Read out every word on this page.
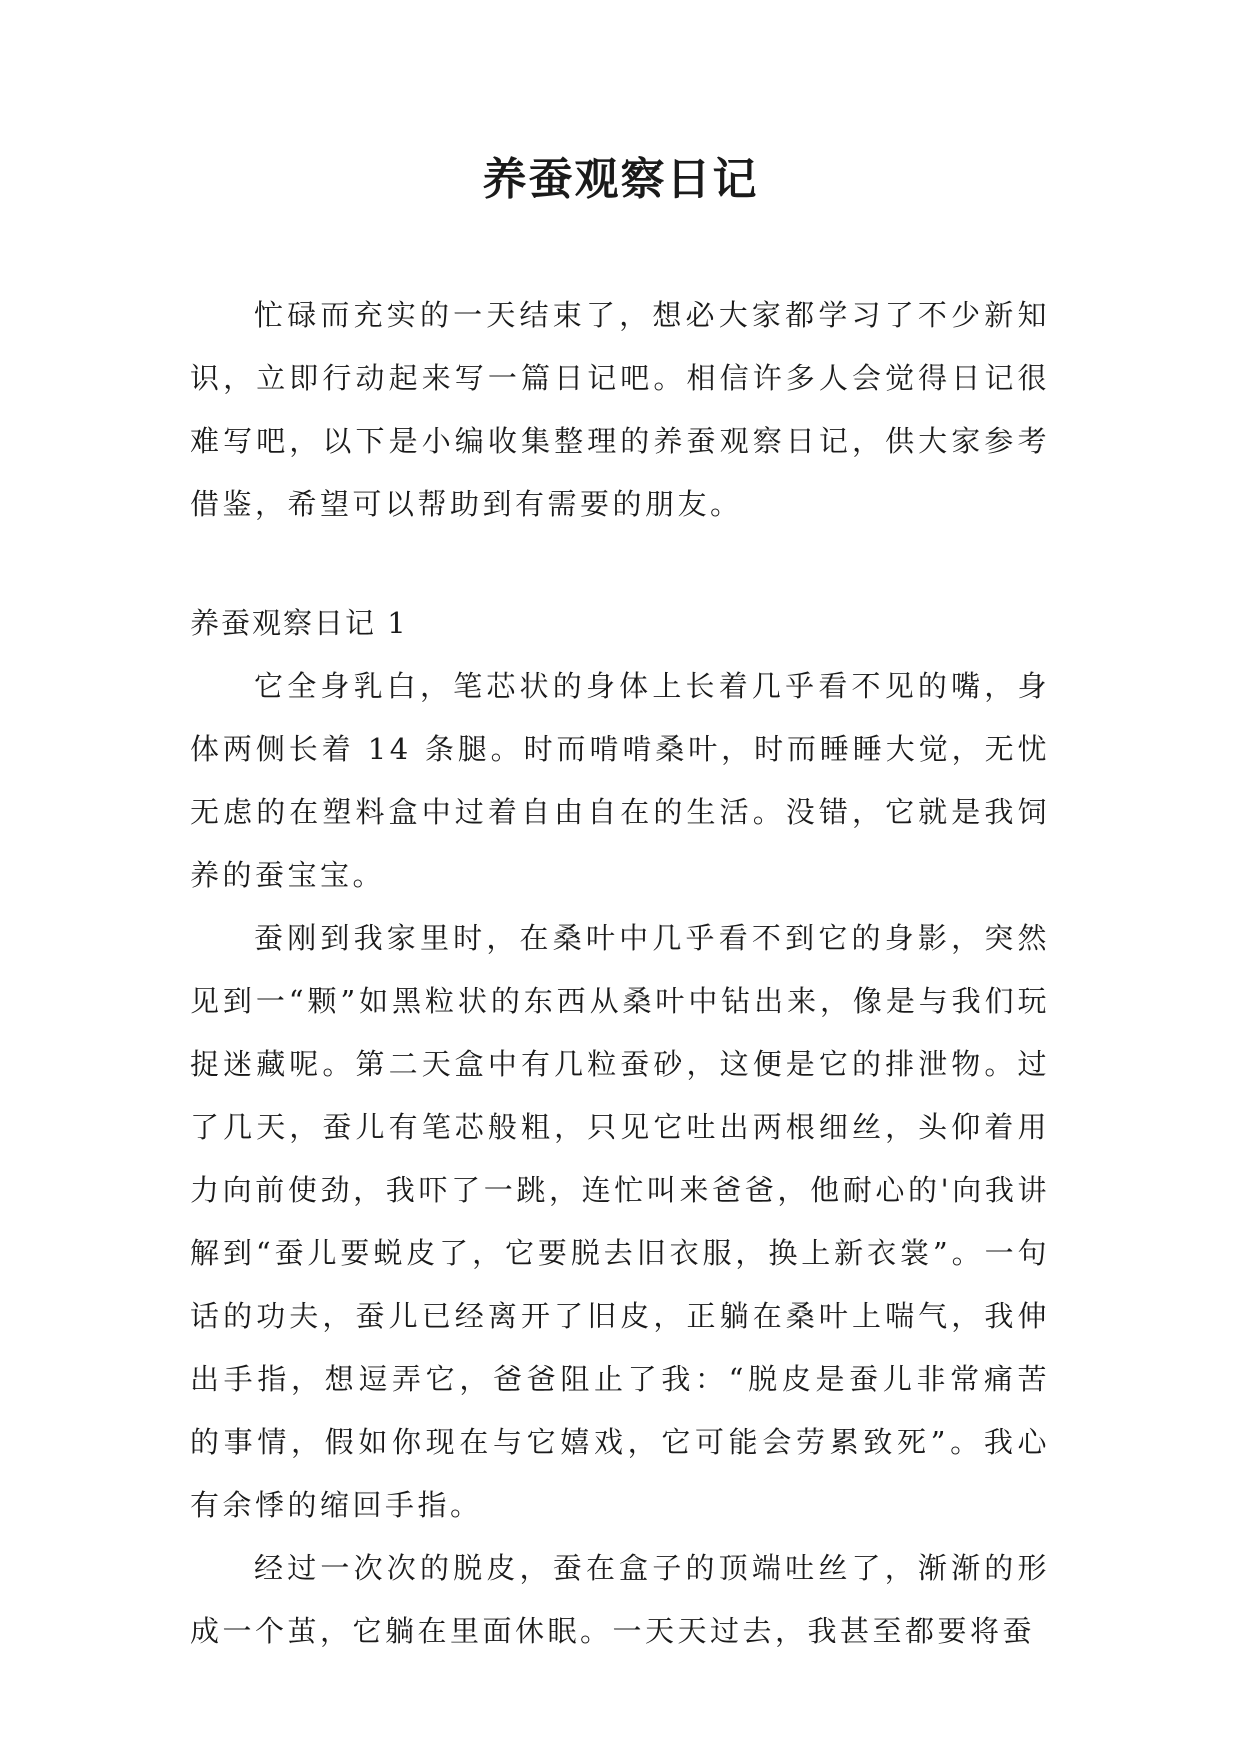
养蚕观察日记

忙碌而充实的一天结束了，想必大家都学习了不少新知识，立即行动起来写一篇日记吧。相信许多人会觉得日记很难写吧，以下是小编收集整理的养蚕观察日记，供大家参考借鉴，希望可以帮助到有需要的朋友。

养蚕观察日记 1

它全身乳白，笔芯状的身体上长着几乎看不见的嘴，身体两侧长着 14 条腿。时而啃啃桑叶，时而睡睡大觉，无忧无虑的在塑料盒中过着自由自在的生活。没错，它就是我饲养的蚕宝宝。

蚕刚到我家里时，在桑叶中几乎看不到它的身影，突然见到一“颗”如黑粒状的东西从桑叶中钻出来，像是与我们玩捉迷藏呢。第二天盒中有几粒蚕砂，这便是它的排泄物。过了几天，蚕儿有笔芯般粗，只见它吐出两根细丝，头仰着用力向前使劲，我吓了一跳，连忙叫来爸爸，他耐心的'向我讲解到“蚕儿要蜕皮了，它要脱去旧衣服，换上新衣裳”。一句话的功夫，蚕儿已经离开了旧皮，正躺在桑叶上喘气，我伸出手指，想逗弄它，爸爸阻止了我：“脱皮是蚕儿非常痛苦的事情，假如你现在与它嬉戏，它可能会劳累致死”。我心有余悸的缩回手指。

经过一次次的脱皮，蚕在盒子的顶端吐丝了，渐渐的形成一个茧，它躺在里面休眠。一天天过去，我甚至都要将蚕
